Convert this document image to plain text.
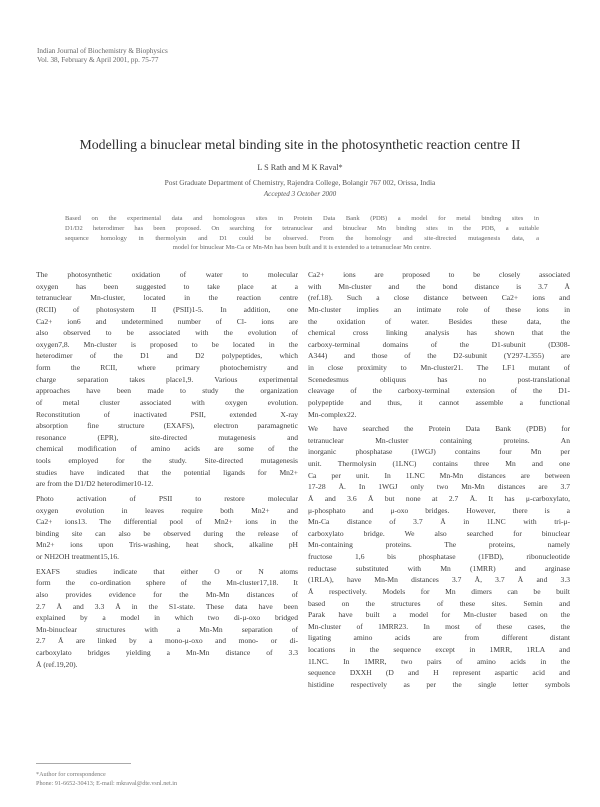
Indian Journal of Biochemistry & Biophysics
Vol. 38, February & April 2001, pp. 75-77
Modelling a binuclear metal binding site in the photosynthetic reaction centre II
L S Rath and M K Raval*
Post Graduate Department of Chemistry, Rajendra College, Bolangir 767 002, Orissa, India
Accepted 3 October 2000
Based on the experimental data and homologous sites in Protein Data Bank (PDB) a model for metal binding sites in
D1/D2 heterodimer has been proposed. On searching for tetranuclear and binuclear Mn binding sites in the PDB, a suitable
sequence homology in thermolysin and D1 could be observed. From the homology and site-directed mutagenesis data, a
model for binuclear Mn-Ca or Mn-Mn has been built and it is extended to a tetranuclear Mn centre.
The photosynthetic oxidation of water to molecular
oxygen has been suggested to take place at a
tetranuclear Mn-cluster, located in the reaction centre
(RCII) of photosystem II (PSII)1-5. In addition, one
Ca2+ ion6 and undetermined number of Cl- ions are
also observed to be associated with the evolution of
oxygen7,8. Mn-cluster is proposed to be located in the
heterodimer of the D1 and D2 polypeptides, which
form the RCII, where primary photochemistry and
charge separation takes place1,9. Various experimental
approaches have been made to study the organization
of metal cluster associated with oxygen evolution.
Reconstitution of inactivated PSII, extended X-ray
absorption fine structure (EXAFS), electron paramagnetic
resonance (EPR), site-directed mutagenesis and
chemical modification of amino acids are some of the
tools employed for the study. Site-directed mutagenesis
studies have indicated that the potential ligands for Mn2+
are from the D1/D2 heterodimer10-12.
Photo activation of PSII to restore molecular
oxygen evolution in leaves require both Mn2+ and
Ca2+ ions13. The differential pool of Mn2+ ions in the
binding site can also be observed during the release of
Mn2+ ions upon Tris-washing, heat shock, alkaline pH
or NH2OH treatment15,16.
EXAFS studies indicate that either O or N atoms
form the co-ordination sphere of the Mn-cluster17,18. It
also provides evidence for the Mn-Mn distances of
2.7 Å and 3.3 Å in the S1-state. These data have been
explained by a model in which two di-μ-oxo bridged
Mn-binuclear structures with a Mn-Mn separation of
2.7 Å are linked by a mono-μ-oxo and mono- or di-
carboxylato bridges yielding a Mn-Mn distance of 3.3
Å (ref.19,20).
Ca2+ ions are proposed to be closely associated
with Mn-cluster and the bond distance is 3.7 Å
(ref.18). Such a close distance between Ca2+ ions and
Mn-cluster implies an intimate role of these ions in
the oxidation of water. Besides these data, the
chemical cross linking analysis has shown that the
carboxy-terminal domains of the D1-subunit (D308-
A344) and those of the D2-subunit (Y297-L355) are
in close proximity to Mn-cluster21. The LF1 mutant of
Scenedesmus obliquus has no post-translational
cleavage of the carboxy-terminal extension of the D1-
polypeptide and thus, it cannot assemble a functional
Mn-complex22.
We have searched the Protein Data Bank (PDB) for
tetranuclear Mn-cluster containing proteins. An
inorganic phosphatase (1WGJ) contains four Mn per
unit. Thermolysin (1LNC) contains three Mn and one
Ca per unit. In 1LNC Mn-Mn distances are between
17-28 Å. In 1WGJ only two Mn-Mn distances are 3.7
Å and 3.6 Å but none at 2.7 Å. It has μ-carboxylato,
μ-phosphato and μ-oxo bridges. However, there is a
Mn-Ca distance of 3.7 Å in 1LNC with tri-μ-
carboxylato bridge. We also searched for binuclear
Mn-containing proteins. The proteins, namely
fructose 1,6 bis phosphatase (1FBD), ribonucleotide
reductase substituted with Mn (1MRR) and arginase
(1RLA), have Mn-Mn distances 3.7 Å, 3.7 Å and 3.3
Å respectively. Models for Mn dimers can be built
based on the structures of these sites. Semin and
Parak have built a model for Mn-cluster based on the
Mn-cluster of 1MRR23. In most of these cases, the
ligating amino acids are from different distant
locations in the sequence except in 1MRR, 1RLA and
1LNC. In 1MRR, two pairs of amino acids in the
sequence DXXH (D and H represent aspartic acid and
histidine respectively as per the single letter symbols
*Author for correspondence
Phone: 91-6652-30413; E-mail: mkraval@dte.vsnl.net.in
